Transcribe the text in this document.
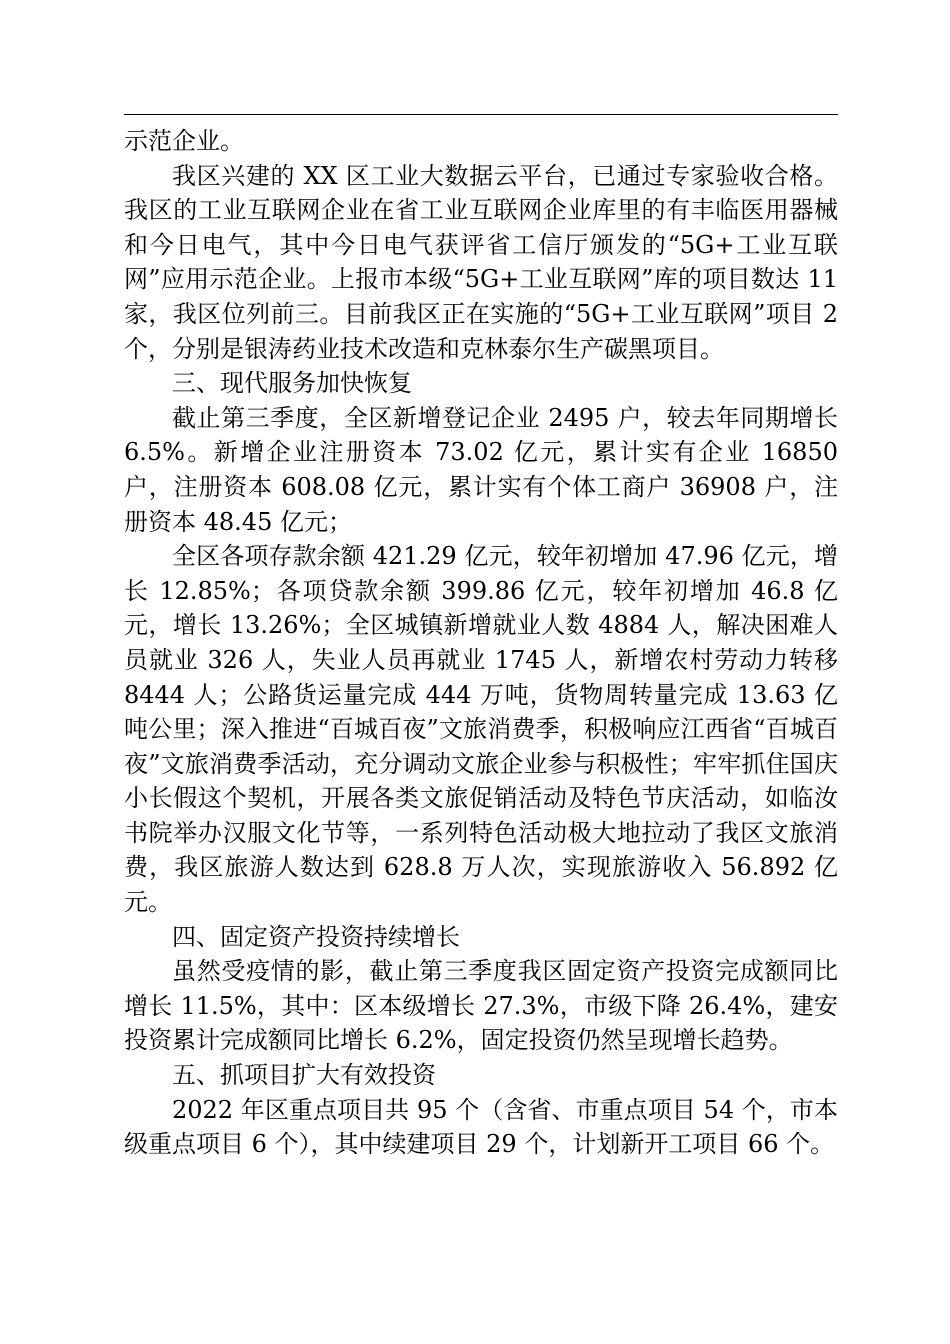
示范企业。

我区兴建的 XX 区工业大数据云平台，已通过专家验收合格。我区的工业互联网企业在省工业互联网企业库里的有丰临医用器械和今日电气，其中今日电气获评省工信厅颁发的“5G+工业互联网”应用示范企业。上报市本级“5G+工业互联网”库的项目数达 11 家，我区位列前三。目前我区正在实施的“5G+工业互联网”项目 2 个，分别是银涛药业技术改造和克林泰尔生产碳黑项目。

三、现代服务加快恢复

截止第三季度，全区新增登记企业 2495 户，较去年同期增长 6.5%。新增企业注册资本 73.02 亿元，累计实有企业 16850 户，注册资本 608.08 亿元，累计实有个体工商户 36908 户，注册资本 48.45 亿元；

全区各项存款余额 421.29 亿元，较年初增加 47.96 亿元，增长 12.85%；各项贷款余额 399.86 亿元，较年初增加 46.8 亿元，增长 13.26%；全区城镇新增就业人数 4884 人，解决困难人员就业 326 人，失业人员再就业 1745 人，新增农村劳动力转移 8444 人；公路货运量完成 444 万吨，货物周转量完成 13.63 亿吨公里；深入推进“百城百夜”文旅消费季，积极响应江西省“百城百夜”文旅消费季活动，充分调动文旅企业参与积极性；牢牢抓住国庆小长假这个契机，开展各类文旅促销活动及特色节庆活动，如临汝书院举办汉服文化节等，一系列特色活动极大地拉动了我区文旅消费，我区旅游人数达到 628.8 万人次，实现旅游收入 56.892 亿元。

四、固定资产投资持续增长

虽然受疫情的影，截止第三季度我区固定资产投资完成额同比增长 11.5%，其中：区本级增长 27.3%，市级下降 26.4%，建安投资累计完成额同比增长 6.2%，固定投资仍然呈现增长趋势。

五、抓项目扩大有效投资

2022 年区重点项目共 95 个（含省、市重点项目 54 个，市本级重点项目 6 个），其中续建项目 29 个，计划新开工项目 66 个。
